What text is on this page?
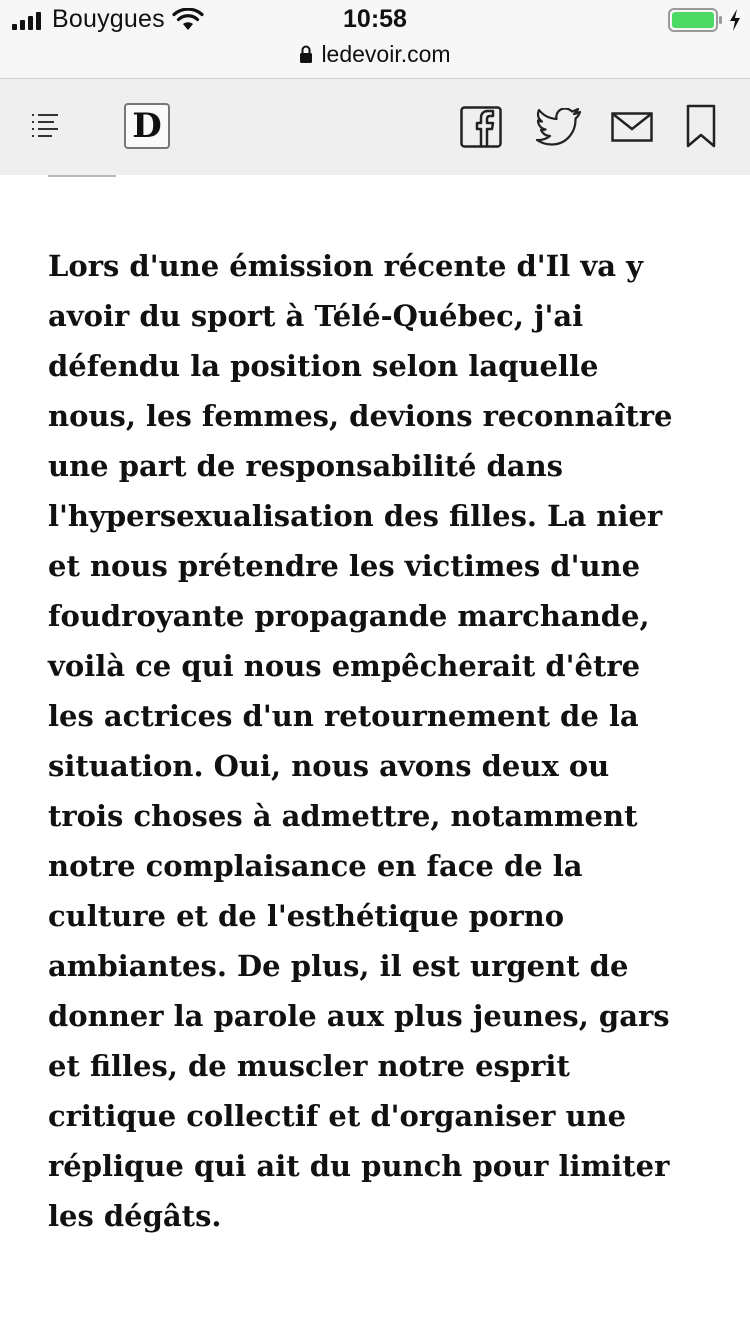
Bouygues	10:58
ledevoir.com
D

Lors d'une émission récente d'Il va y
avoir du sport à Télé-Québec, j'ai
défendu la position selon laquelle
nous, les femmes, devions reconnaître
une part de responsabilité dans
l'hypersexualisation des filles. La nier
et nous prétendre les victimes d'une
foudroyante propagande marchande,
voilà ce qui nous empêcherait d'être
les actrices d'un retournement de la
situation. Oui, nous avons deux ou
trois choses à admettre, notamment
notre complaisance en face de la
culture et de l'esthétique porno
ambiantes. De plus, il est urgent de
donner la parole aux plus jeunes, gars
et filles, de muscler notre esprit
critique collectif et d'organiser une
réplique qui ait du punch pour limiter
les dégâts.
